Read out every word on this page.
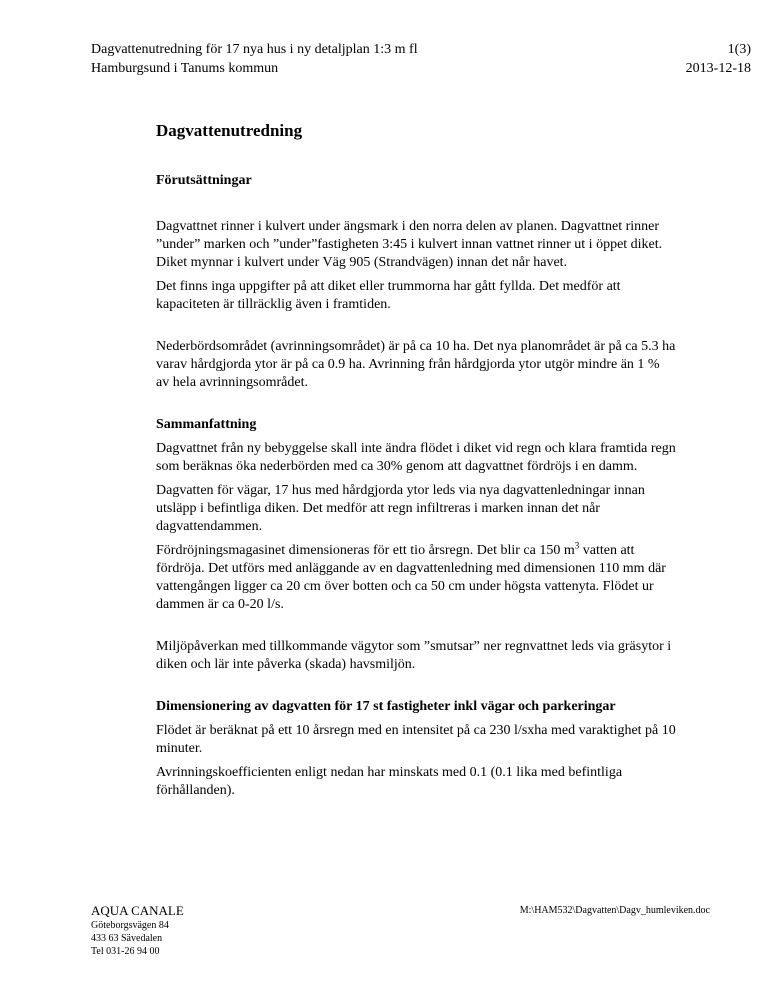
Dagvattenutredning för 17 nya hus i ny detaljplan 1:3 m fl
Hamburgsund i Tanums kommun
1(3)
2013-12-18
Dagvattenutredning
Förutsättningar

Dagvattnet rinner i kulvert under ängsmark i den norra delen av planen. Dagvattnet rinner ”under” marken och ”under”fastigheten 3:45 i kulvert innan vattnet rinner ut i öppet diket. Diket mynnar i kulvert under Väg 905 (Strandvägen) innan det når havet.

Det finns inga uppgifter på att diket eller trummorna har gått fyllda. Det medför att kapaciteten är tillräcklig även i framtiden.

Nederbördsområdet (avrinningsområdet) är på ca 10 ha. Det nya planområdet är på ca 5.3 ha varav hårdgjorda ytor är på ca 0.9 ha. Avrinning från hårdgjorda ytor utgör mindre än 1 % av hela avrinningsområdet.

Sammanfattning

Dagvattnet från ny bebyggelse skall inte ändra flödet i diket vid regn och klara framtida regn som beräknas öka nederbörden med ca 30% genom att dagvattnet fördröjs i en damm.

Dagvatten för vägar, 17 hus med hårdgjorda ytor leds via nya dagvattenledningar innan utsläpp i befintliga diken. Det medför att regn infiltreras i marken innan det når dagvattendammen.

Fördröjningsmagasinet dimensioneras för ett tio årsregn. Det blir ca 150 $m^3$ vatten att fördröja. Det utförs med anläggande av en dagvattenledning med dimensionen 110 mm där vattengången ligger ca 20 cm över botten och ca 50 cm under högsta vattenyta. Flödet ur dammen är ca 0-20 l/s.

Miljöpåverkan med tillkommande vägytor som ”smutsar” ner regnvattnet leds via gräsytor i diken och lär inte påverka (skada) havsmiljön.

Dimensionering av dagvatten för 17 st fastigheter inkl vägar och parkeringar

Flödet är beräknat på ett 10 årsregn med en intensitet på ca 230 l/sxha med varaktighet på 10 minuter.

Avrinningskoefficienten enligt nedan har minskats med 0.1 (0.1 lika med befintliga förhållanden).

AQUA CANALE
Göteborgsvägen 84
433 63 Sävedalen
Tel 031-26 94 00
M:\HAM532\Dagvatten\Dagv_humleviken.doc
